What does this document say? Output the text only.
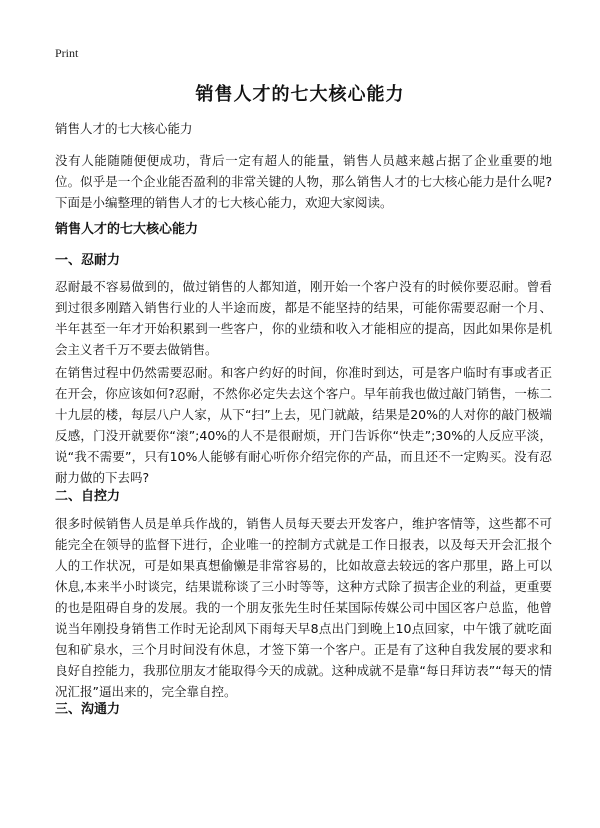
Print
销售人才的七大核心能力
销售人才的七大核心能力

没有人能随随便便成功，背后一定有超人的能量，销售人员越来越占据了企业重要的地位。似乎是一个企业能否盈利的非常关键的人物，那么销售人才的七大核心能力是什么呢?下面是小编整理的销售人才的七大核心能力，欢迎大家阅读。

销售人才的七大核心能力
一、忍耐力

忍耐最不容易做到的，做过销售的人都知道，刚开始一个客户没有的时候你要忍耐。曾看到过很多刚踏入销售行业的人半途而废，都是不能坚持的结果，可能你需要忍耐一个月、半年甚至一年才开始积累到一些客户，你的业绩和收入才能相应的提高，因此如果你是机会主义者千万不要去做销售。

在销售过程中仍然需要忍耐。和客户约好的时间，你准时到达，可是客户临时有事或者正在开会，你应该如何?忍耐，不然你必定失去这个客户。早年前我也做过敲门销售，一栋二十九层的楼，每层八户人家，从下“扫”上去，见门就敲，结果是20%的人对你的敲门极端反感，门没开就要你“滚”;40%的人不是很耐烦，开门告诉你“快走”;30%的人反应平淡，说“我不需要”，只有10%人能够有耐心听你介绍完你的产品，而且还不一定购买。没有忍耐力做的下去吗?

二、自控力

很多时候销售人员是单兵作战的，销售人员每天要去开发客户，维护客情等，这些都不可能完全在领导的监督下进行，企业唯一的控制方式就是工作日报表，以及每天开会汇报个人的工作状况，可是如果真想偷懒是非常容易的，比如故意去较远的客户那里，路上可以休息,本来半小时谈完，结果谎称谈了三小时等等，这种方式除了损害企业的利益，更重要的也是阻碍自身的发展。我的一个朋友张先生时任某国际传媒公司中国区客户总监，他曾说当年刚投身销售工作时无论刮风下雨每天早8点出门到晚上10点回家，中午饿了就吃面包和矿泉水，三个月时间没有休息，才签下第一个客户。正是有了这种自我发展的要求和良好自控能力，我那位朋友才能取得今天的成就。这种成就不是靠“每日拜访表”“每天的情况汇报”逼出来的，完全靠自控。

三、沟通力
